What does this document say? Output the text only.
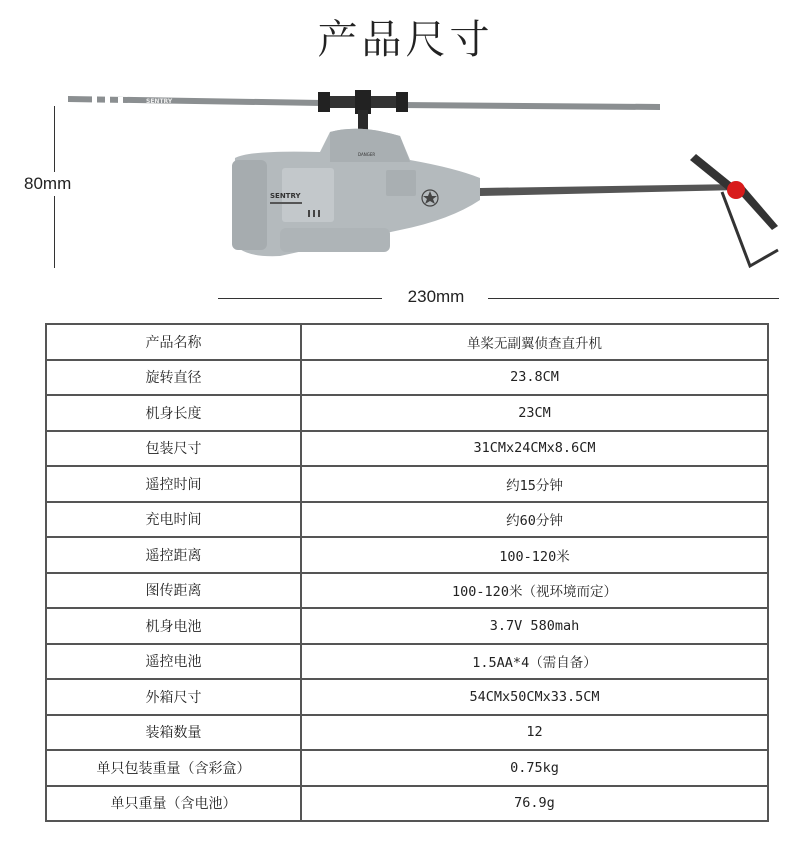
产品尺寸
80mm
SENTRY
SENTRY
DANGER
230mm
产品名称	单桨无副翼侦查直升机
旋转直径	23.8CM
机身长度	23CM
包装尺寸	31CMx24CMx8.6CM
遥控时间	约15分钟
充电时间	约60分钟
遥控距离	100-120米
图传距离	100-120米（视环境而定）
机身电池	3.7V 580mah
遥控电池	1.5AA*4（需自备）
外箱尺寸	54CMx50CMx33.5CM
装箱数量	12
单只包装重量（含彩盒）	0.75kg
单只重量（含电池）	76.9g
